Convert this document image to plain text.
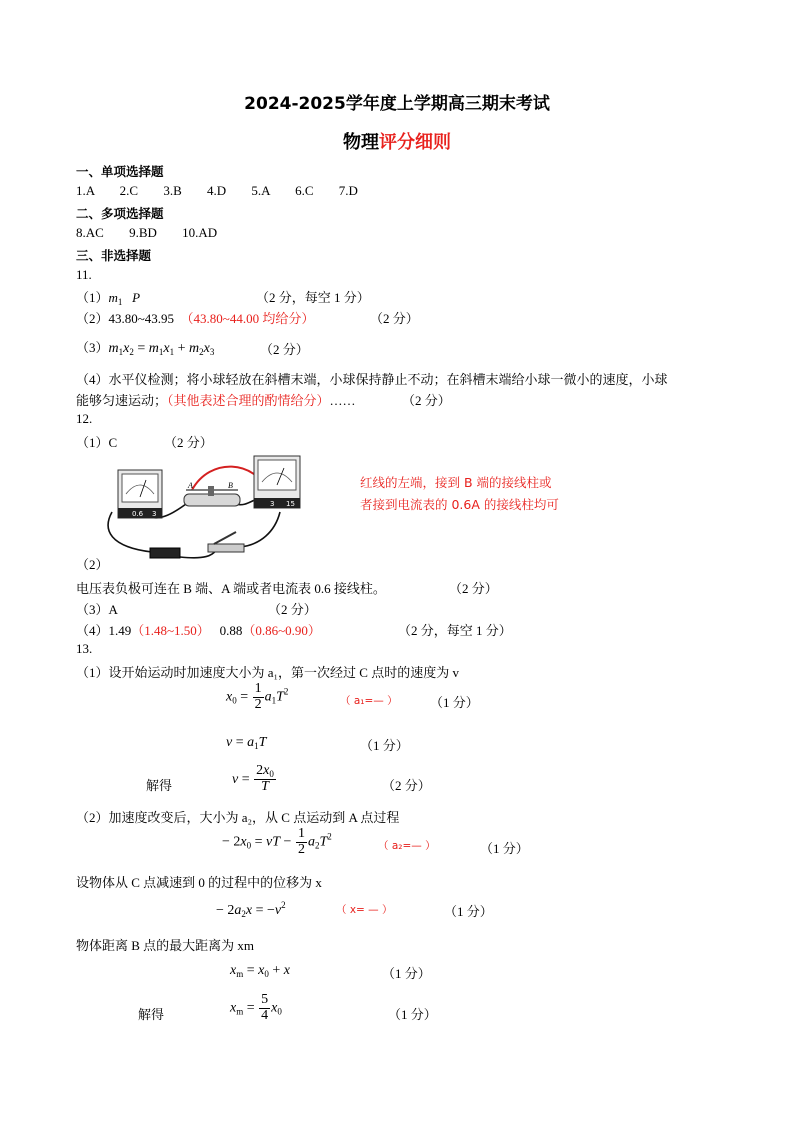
2024-2025学年度上学期高三期末考试
物理评分细则
一、单项选择题
1.A 2.C 3.B 4.D 5.A 6.C 7.D
二、多项选择题
8.AC 9.BD 10.AD
三、非选择题
11.
$(1)m_1$ P	（2 分，每空 1 分）
（2）43.80~43.95 （43.80~44.00 均给分）	（2 分）
$(3)m_1x_2 = m_1x_1 + m_2x_3$	（2 分）
（4）水平仪检测；将小球轻放在斜槽末端，小球保持静止不动；在斜槽末端给小球一微小的速度，小球
能够匀速运动；（其他表述合理的酌情给分）……	（2 分）
12.
（1）C	（2 分）
0.6 3
A	B
3 15
红线的左端，接到 B 端的接线柱或
者接到电流表的 0.6A 的接线柱均可
（2）
电压表负极可连在 B 端、A 端或者电流表 0.6 接线柱。	（2 分）
（3）A	（2 分）
（4）1.49（1.48~1.50） 0.88（0.86~0.90）	（2 分，每空 1 分）
13.
（1）设开始运动时加速度大小为 a₁，第一次经过 C 点时的速度为 v
$x_0 = \frac{1}{2} a_1T^2$
（ a₁=— ） （1 分）
$v = a_1T$	（1 分）
解得	$v = \frac{2x_0}{T}$	（2 分）
（2）加速度改变后，大小为 a₂，从 C 点运动到 A 点过程
− $2x_0$ = vT − $\frac{1}{2} a_2T^2$
（ a₂=— ）	（1 分）
设物体从 C 点减速到 0 的过程中的位移为 x
− $2a_2x = -v^2$	（ x= — ）	（1 分）
物体距离 B 点的最大距离为 xm
$x_m = x_0 + x$	（1 分）
解得	$x_m = \frac{5}{4} x_0$	（1 分）
